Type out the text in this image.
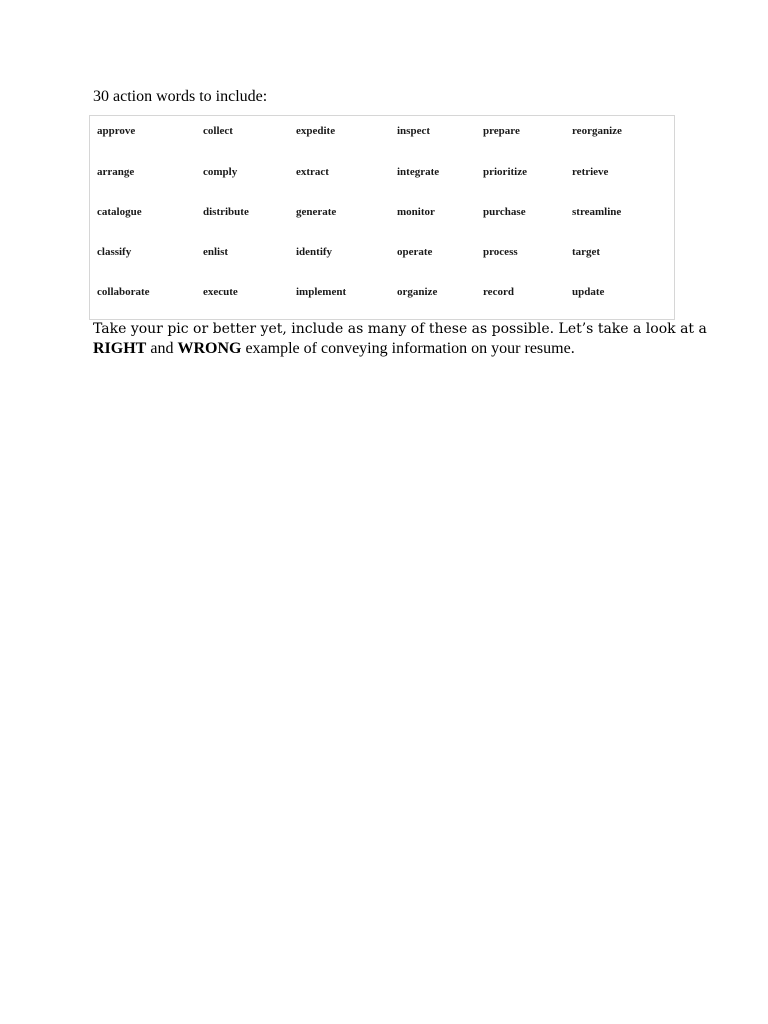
30 action words to include:
approve	collect	expedite	inspect	prepare	reorganize
arrange	comply	extract	integrate	prioritize	retrieve
catalogue	distribute	generate	monitor	purchase	streamline
classify	enlist	identify	operate	process	target
collaborate	execute	implement	organize	record	update
Take your pic or better yet, include as many of these as possible. Let’s take a look at a
RIGHT and WRONG example of conveying information on your resume.
